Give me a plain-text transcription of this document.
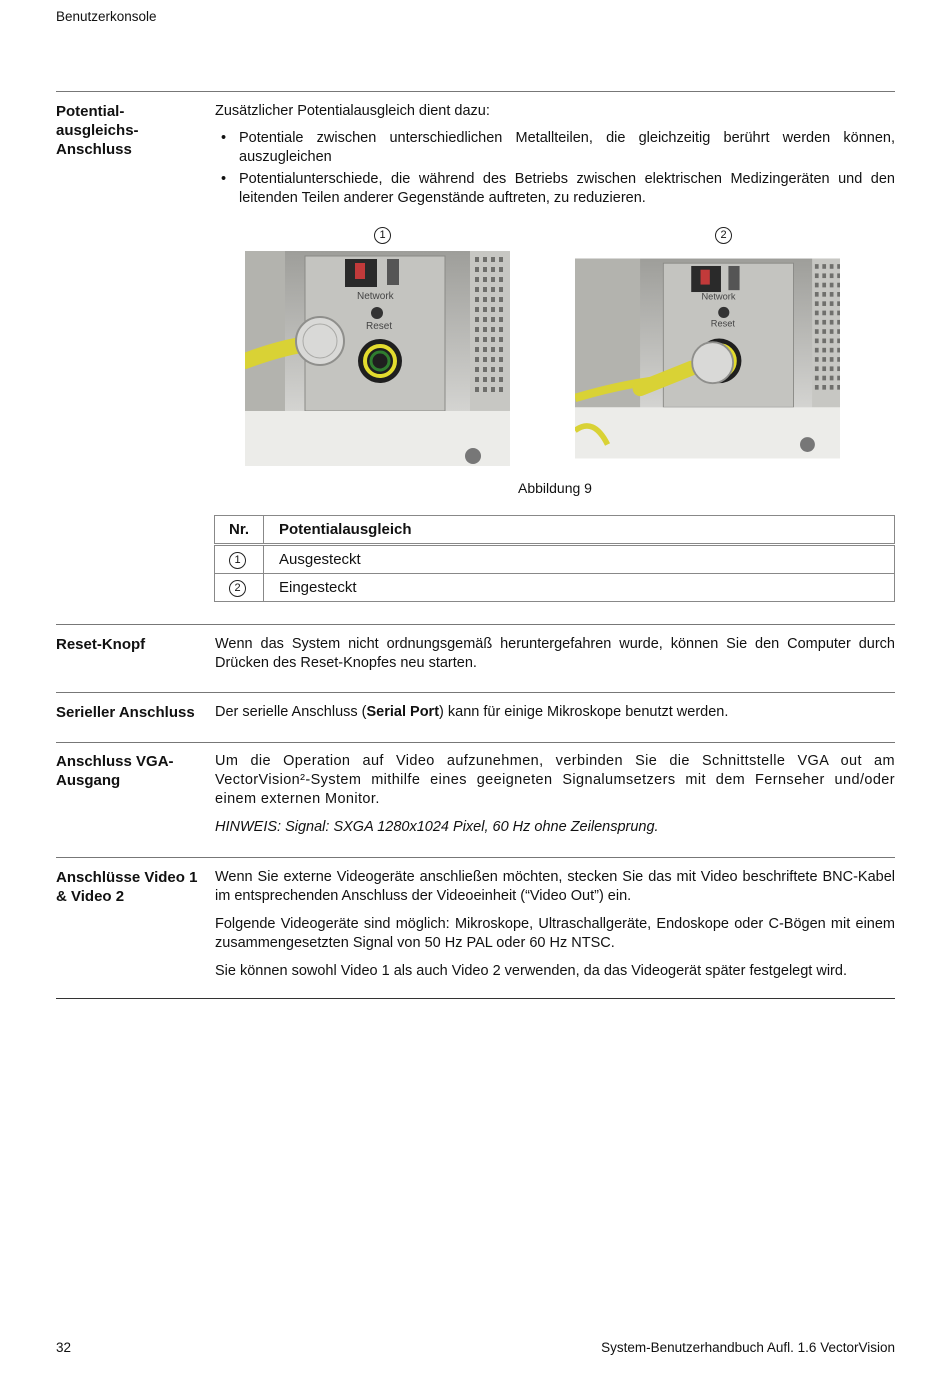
Benutzerkonsole
Potential-
ausgleichs-
Anschluss

Zusätzlicher Potentialausgleich dient dazu:

• Potentiale zwischen unterschiedlichen Metallteilen, die gleichzeitig berührt werden können, auszugleichen
• Potentialunterschiede, die während des Betriebs zwischen elektrischen Medizingeräten und den leitenden Teilen anderer Gegenstände auftreten, zu reduzieren.
1	2
Network
Reset
Network
Reset
Abbildung 9
Nr.	Potentialausgleich
1	Ausgesteckt
2	Eingesteckt
Reset-Knopf	Wenn das System nicht ordnungsgemäß heruntergefahren wurde, können Sie den Computer durch Drücken des Reset-Knopfes neu starten.

Serieller Anschluss	Der serielle Anschluss (Serial Port) kann für einige Mikroskope benutzt werden.

Anschluss VGA-
Ausgang

Um die Operation auf Video aufzunehmen, verbinden Sie die Schnittstelle VGA out am VectorVision²-System mithilfe eines geeigneten Signalumsetzers mit dem Fernseher und/oder einem externen Monitor.

HINWEIS: Signal: SXGA 1280x1024 Pixel, 60 Hz ohne Zeilensprung.

Anschlüsse Video 1
& Video 2

Wenn Sie externe Videogeräte anschließen möchten, stecken Sie das mit Video beschriftete BNC-Kabel im entsprechenden Anschluss der Videoeinheit (“Video Out”) ein.

Folgende Videogeräte sind möglich: Mikroskope, Ultraschallgeräte, Endoskope oder C-Bögen mit einem zusammengesetzten Signal von 50 Hz PAL oder 60 Hz NTSC.

Sie können sowohl Video 1 als auch Video 2 verwenden, da das Videogerät später festgelegt wird.

32	System-Benutzerhandbuch Aufl. 1.6 VectorVision
